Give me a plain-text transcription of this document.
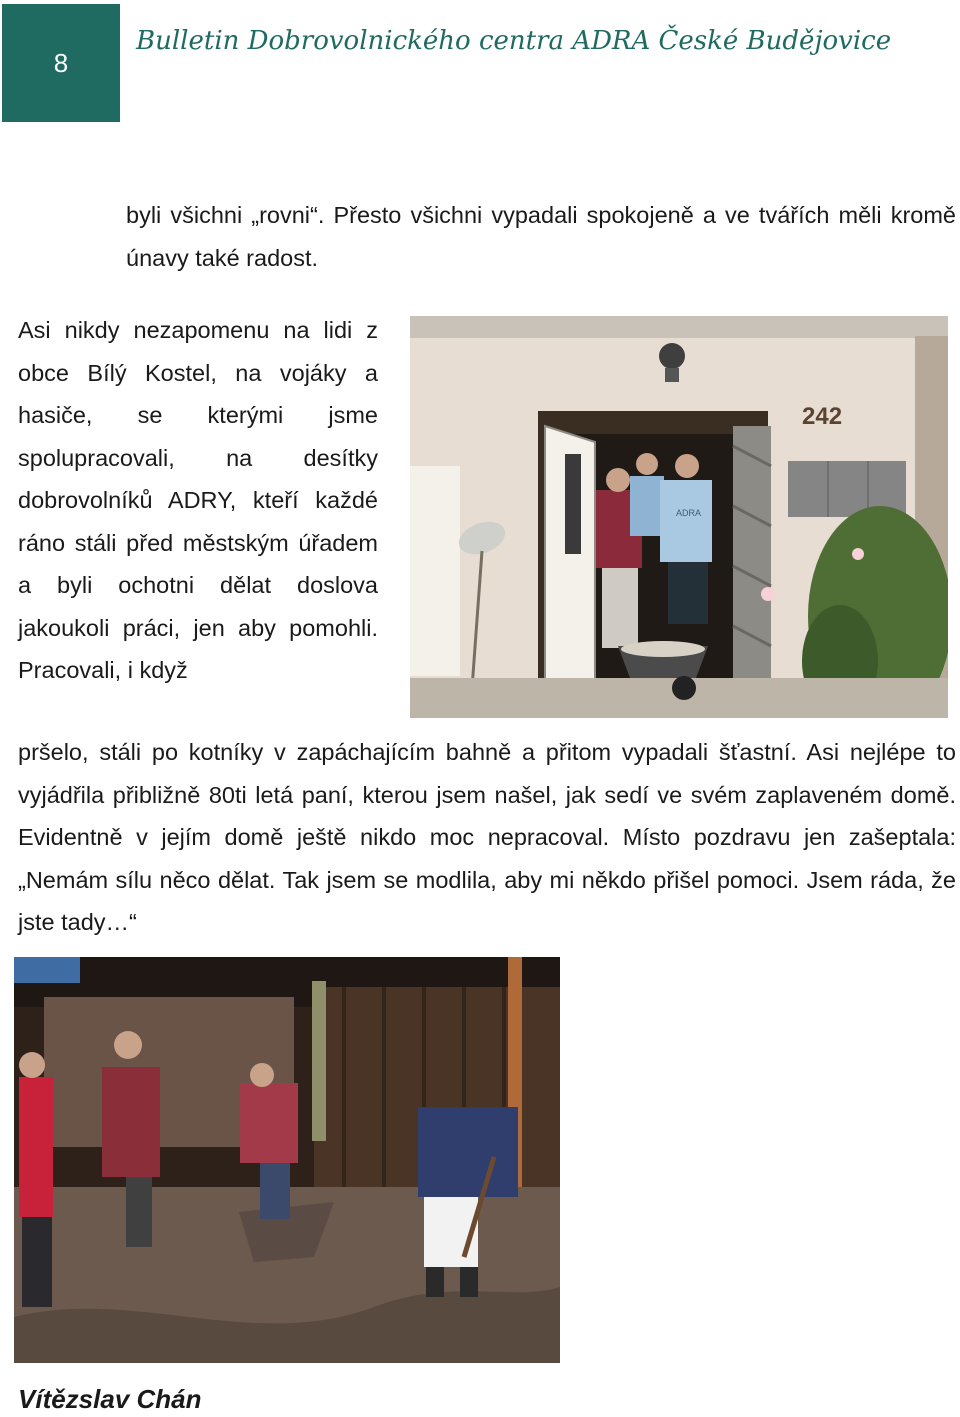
8
Bulletin Dobrovolnického centra ADRA České Budějovice

byli všichni „rovni“. Přesto všichni vypadali spokojeně a ve tvářích měli kromě únavy také radost.

Asi nikdy nezapomenu na lidi z obce Bílý Kostel, na vojáky a hasiče, se kterými jsme spolupracovali, na desítky dobrovolníků ADRY, kteří každé ráno stáli před městským úřadem a byli ochotni dělat doslova jakoukoli práci, jen aby pomohli. Pracovali, i když

242
ADRA

pršelo, stáli po kotníky v zapáchajícím bahně a přitom vypadali šťastní. Asi nejlépe to vyjádřila přibližně 80ti letá paní, kterou jsem našel, jak sedí ve svém zaplaveném domě. Evidentně v jejím domě ještě nikdo moc nepracoval. Místo pozdravu jen zašeptala: „Nemám sílu něco dělat. Tak jsem se modlila, aby mi někdo přišel pomoci. Jsem ráda, že jste tady…“

Vítězslav Chán
